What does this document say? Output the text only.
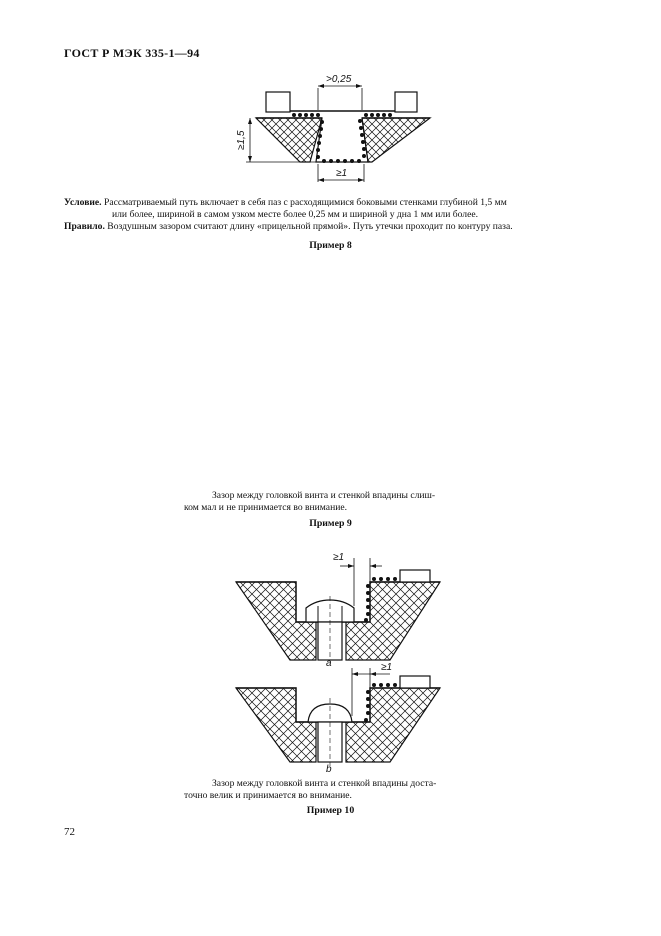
ГОСТ Р МЭК 335-1—94
>0,25
≥1,5
≥1
Условие. Рассматриваемый путь включает в себя паз с расходящимися боковыми стенками глубиной 1,5 мм
или более, шириной в самом узком месте более 0,25 мм и шириной у дна 1 мм или более.
Правило. Воздушным зазором считают длину «прицельной прямой». Путь утечки проходит по контуру паза.
Пример 8
Зазор между головкой винта и стенкой впадины слиш-
ком мал и не принимается во внимание.
Пример 9
≥1
a	≥1
b
Зазор между головкой винта и стенкой впадины доста-
точно велик и принимается во внимание.
Пример 10
72
